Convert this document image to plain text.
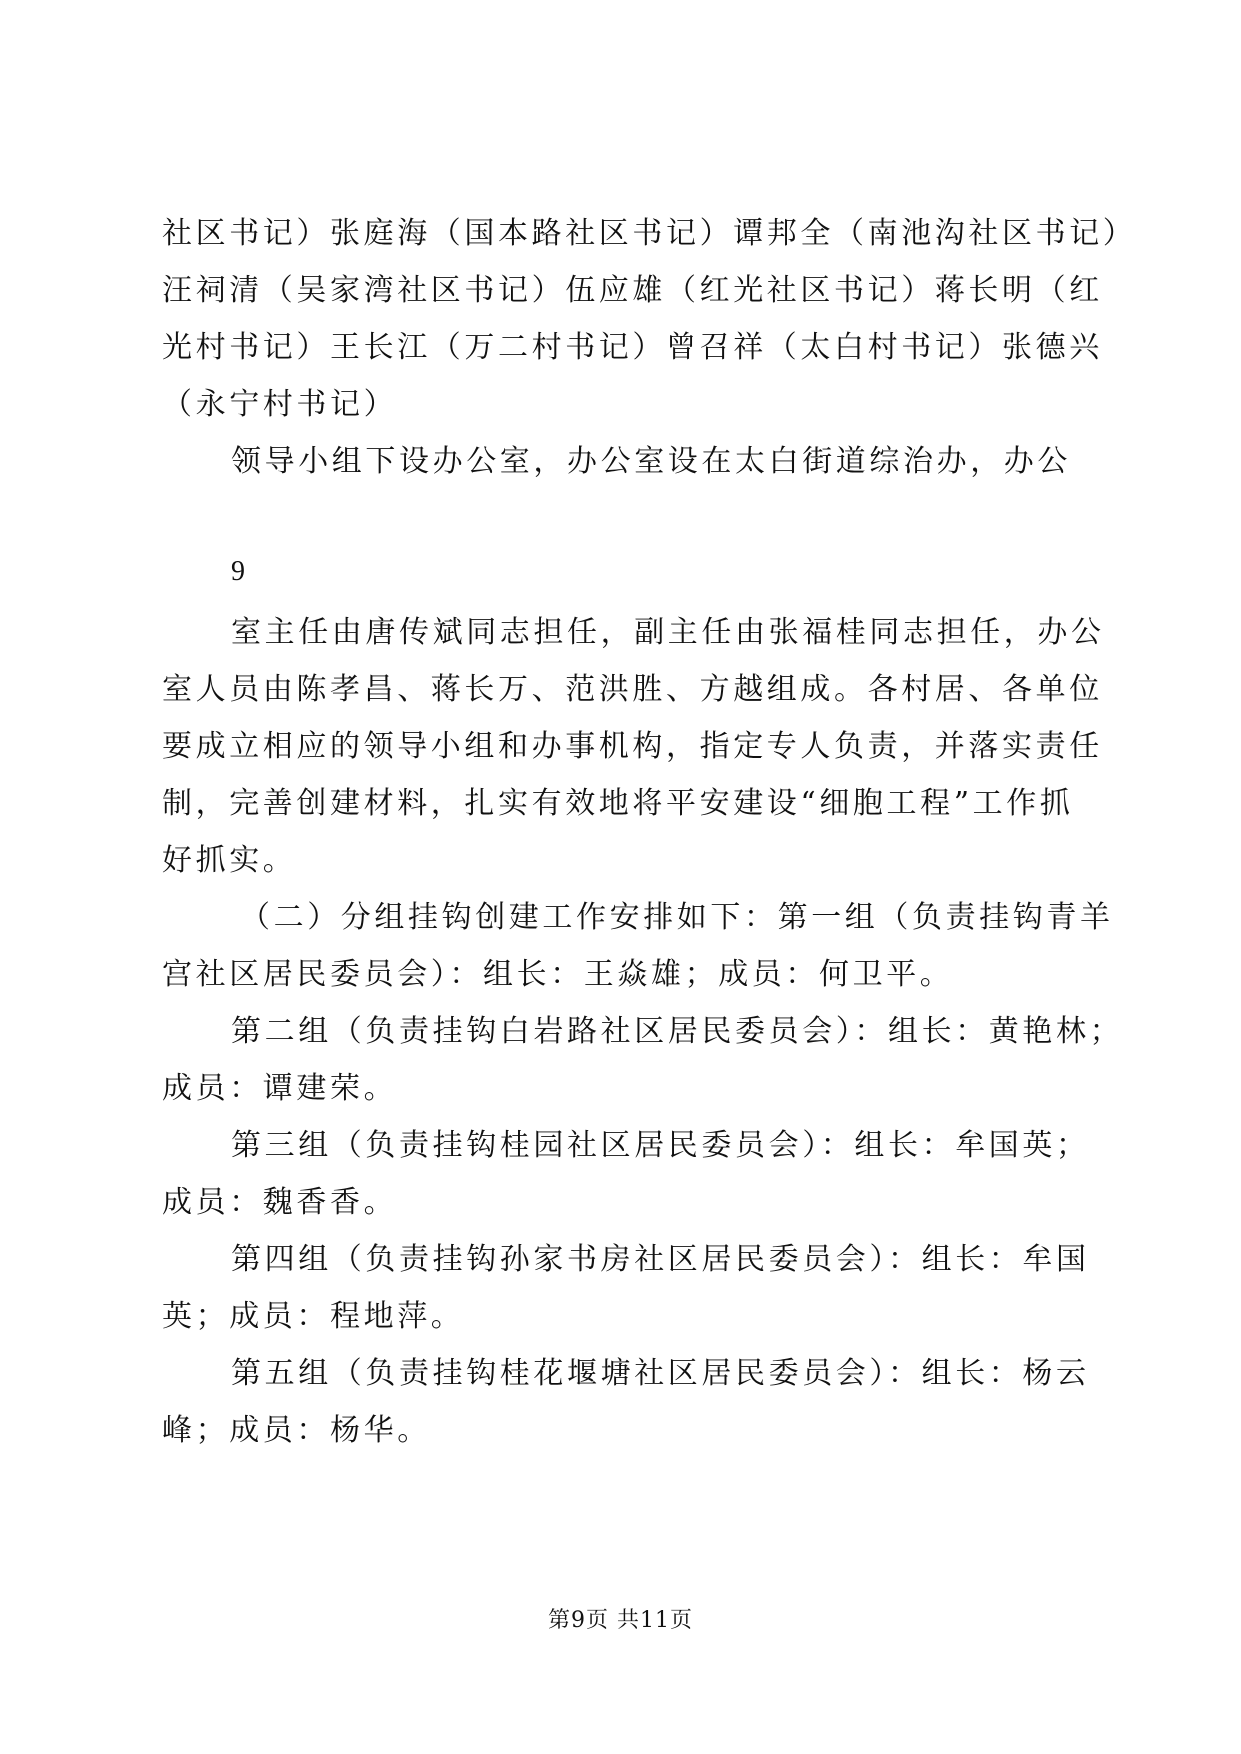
社区书记）张庭海（国本路社区书记）谭邦全（南池沟社区书记）
汪祠清（吴家湾社区书记）伍应雄（红光社区书记）蒋长明（红
光村书记）王长江（万二村书记）曾召祥（太白村书记）张德兴
（永宁村书记）
领导小组下设办公室，办公室设在太白街道综治办，办公
9
室主任由唐传斌同志担任，副主任由张福桂同志担任，办公
室人员由陈孝昌、蒋长万、范洪胜、方越组成。各村居、各单位
要成立相应的领导小组和办事机构，指定专人负责，并落实责任
制，完善创建材料，扎实有效地将平安建设“细胞工程”工作抓
好抓实。
（二）分组挂钩创建工作安排如下：第一组（负责挂钩青羊
宫社区居民委员会）：组长：王焱雄；成员：何卫平。
第二组（负责挂钩白岩路社区居民委员会）：组长：黄艳林；
成员：谭建荣。
第三组（负责挂钩桂园社区居民委员会）：组长：牟国英；
成员：魏香香。
第四组（负责挂钩孙家书房社区居民委员会）：组长：牟国
英；成员：程地萍。
第五组（负责挂钩桂花堰塘社区居民委员会）：组长：杨云
峰；成员：杨华。
第9页 共11页
